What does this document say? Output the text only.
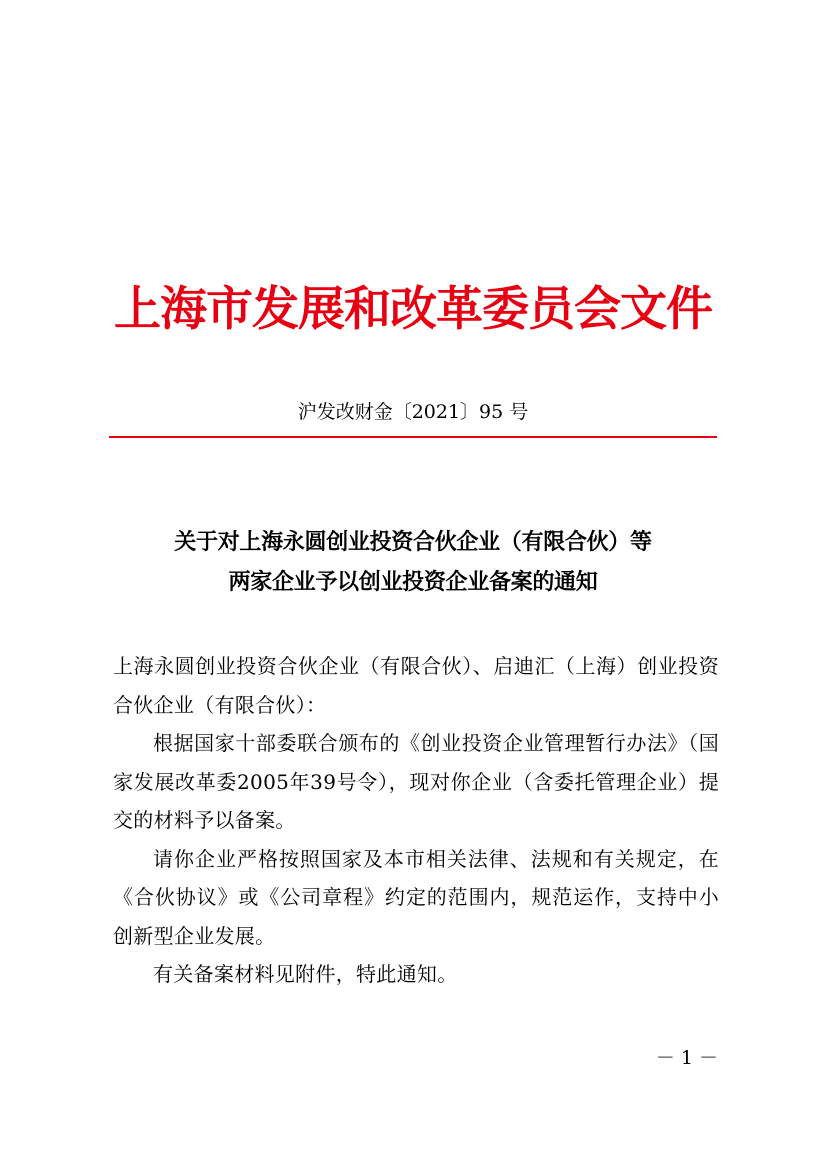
上海市发展和改革委员会文件
沪发改财金〔2021〕95 号
关于对上海永圆创业投资合伙企业（有限合伙）等
两家企业予以创业投资企业备案的通知

上海永圆创业投资合伙企业（有限合伙）、启迪汇（上海）创业投资合伙企业（有限合伙）：

根据国家十部委联合颁布的《创业投资企业管理暂行办法》（国家发展改革委2005年39号令），现对你企业（含委托管理企业）提交的材料予以备案。

请你企业严格按照国家及本市相关法律、法规和有关规定，在《合伙协议》或《公司章程》约定的范围内，规范运作，支持中小创新型企业发展。

有关备案材料见附件，特此通知。

－ 1 －
